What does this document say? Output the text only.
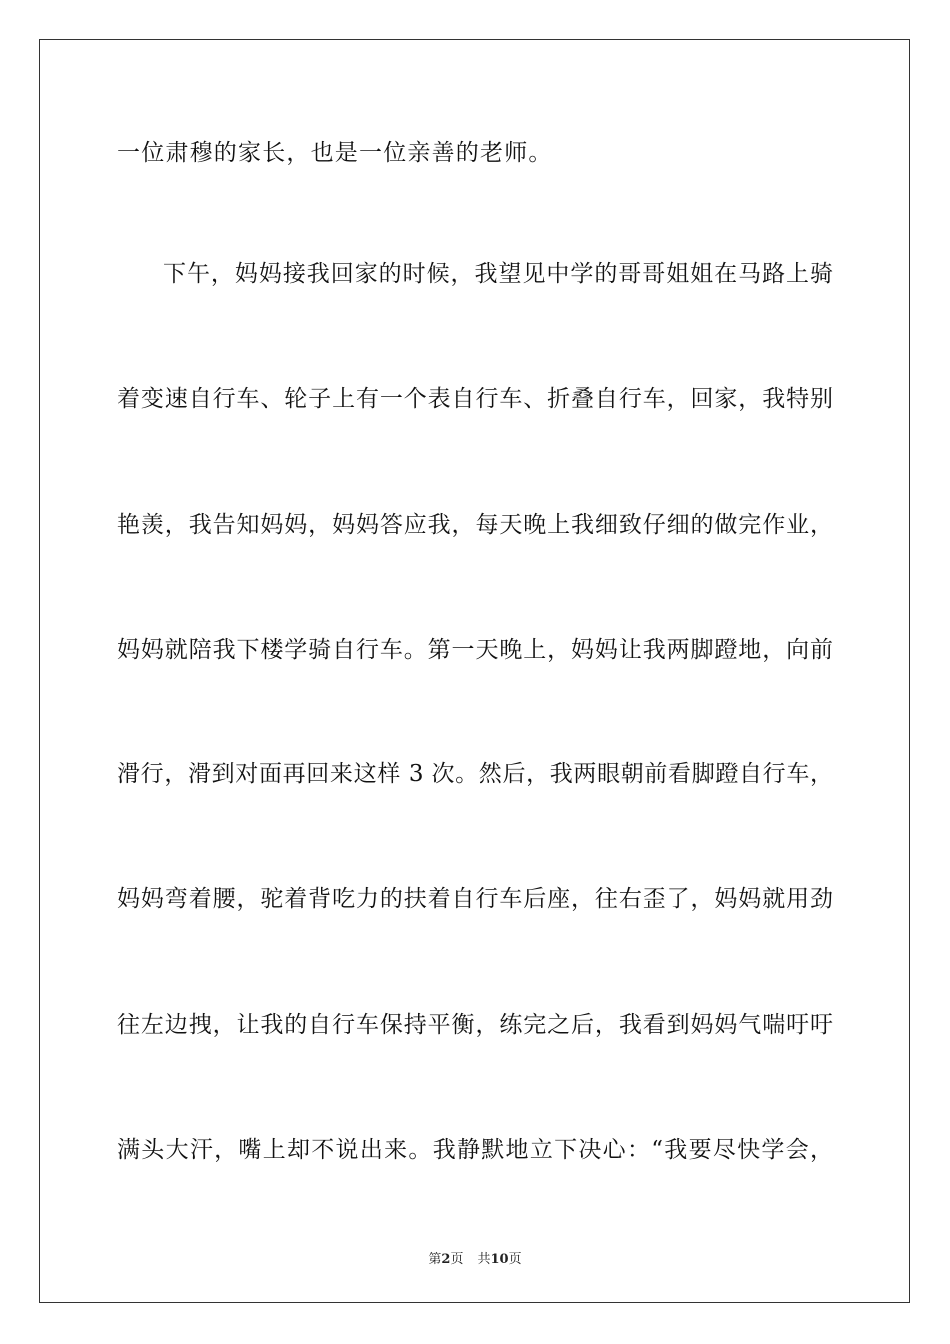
一位肃穆的家长，也是一位亲善的老师。
下午，妈妈接我回家的时候，我望见中学的哥哥姐姐在马路上骑
着变速自行车、轮子上有一个表自行车、折叠自行车，回家，我特别
艳羡，我告知妈妈，妈妈答应我，每天晚上我细致仔细的做完作业，
妈妈就陪我下楼学骑自行车。第一天晚上，妈妈让我两脚蹬地，向前
滑行，滑到对面再回来这样 3 次。然后，我两眼朝前看脚蹬自行车，
妈妈弯着腰，驼着背吃力的扶着自行车后座，往右歪了，妈妈就用劲
往左边拽，让我的自行车保持平衡，练完之后，我看到妈妈气喘吁吁
满头大汗，嘴上却不说出来。我静默地立下决心：“我要尽快学会，
第2页 共10页
